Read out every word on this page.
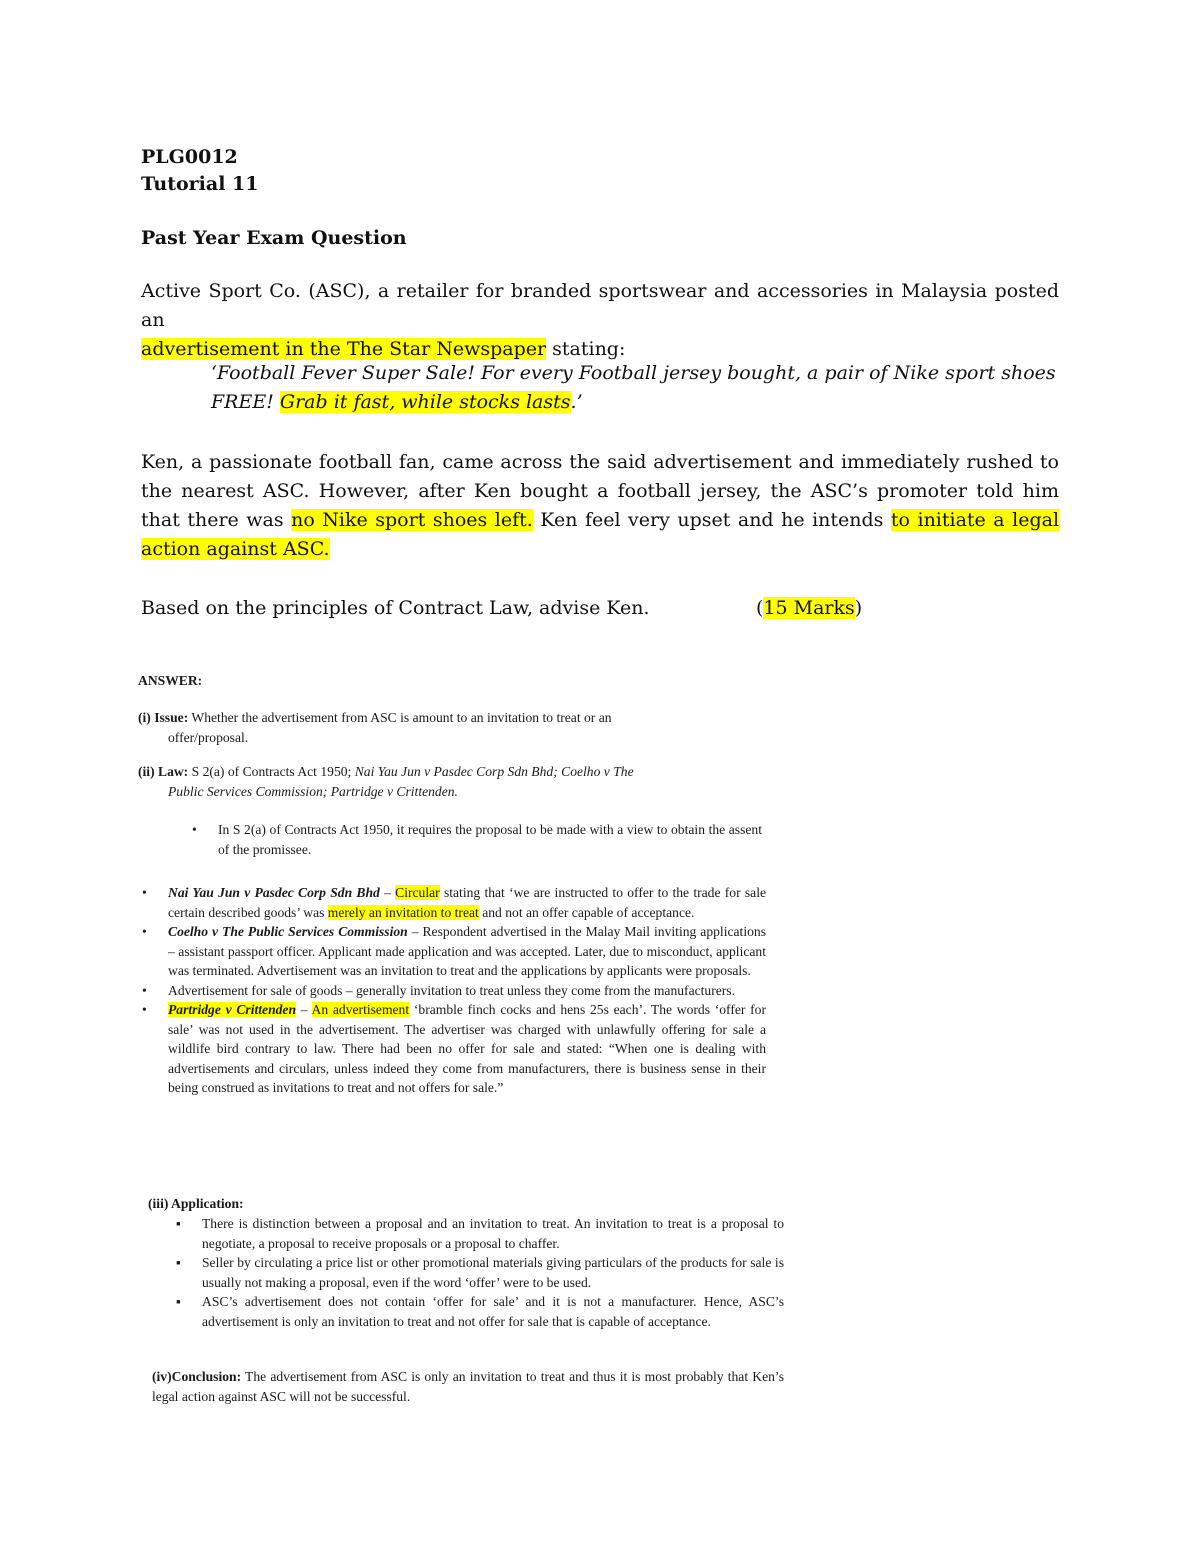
PLG0012
Tutorial 11
Past Year Exam Question
Active Sport Co. (ASC), a retailer for branded sportswear and accessories in Malaysia posted an
advertisement in the The Star Newspaper stating:
‘Football Fever Super Sale! For every Football jersey bought, a pair of Nike sport shoes FREE! Grab it fast, while stocks lasts.’
Ken, a passionate football fan, came across the said advertisement and immediately rushed to the nearest ASC. However, after Ken bought a football jersey, the ASC’s promoter told him that there was no Nike sport shoes left. Ken feel very upset and he intends to initiate a legal action against ASC.
Based on the principles of Contract Law, advise Ken.	(15 Marks)
ANSWER:
(i) Issue: Whether the advertisement from ASC is amount to an invitation to treat or an

offer/proposal.
(ii) Law: S 2(a) of Contracts Act 1950; Nai Yau Jun v Pasdec Corp Sdn Bhd; Coelho v The

Public Services Commission; Partridge v Crittenden.
• In S 2(a) of Contracts Act 1950, it requires the proposal to be made with a view to obtain the assent of the promissee.
• Nai Yau Jun v Pasdec Corp Sdn Bhd – Circular stating that ‘we are instructed to offer to the trade for sale certain described goods’ was merely an invitation to treat and not an offer capable of acceptance.
• Coelho v The Public Services Commission – Respondent advertised in the Malay Mail inviting applications – assistant passport officer. Applicant made application and was accepted. Later, due to misconduct, applicant was terminated. Advertisement was an invitation to treat and the applications by applicants were proposals.
• Advertisement for sale of goods – generally invitation to treat unless they come from the manufacturers.
• Partridge v Crittenden – An advertisement ‘bramble finch cocks and hens 25s each’. The words ‘offer for sale’ was not used in the advertisement. The advertiser was charged with unlawfully offering for sale a wildlife bird contrary to law. There had been no offer for sale and stated: “When one is dealing with advertisements and circulars, unless indeed they come from manufacturers, there is business sense in their being construed as invitations to treat and not offers for sale.”
(iii) Application:
▪ There is distinction between a proposal and an invitation to treat. An invitation to treat is a proposal to negotiate, a proposal to receive proposals or a proposal to chaffer.
▪ Seller by circulating a price list or other promotional materials giving particulars of the products for sale is usually not making a proposal, even if the word ‘offer’ were to be used.
▪ ASC’s advertisement does not contain ‘offer for sale’ and it is not a manufacturer. Hence, ASC’s advertisement is only an invitation to treat and not offer for sale that is capable of acceptance.
(iv)Conclusion: The advertisement from ASC is only an invitation to treat and thus it is most probably that Ken’s legal action against ASC will not be successful.
